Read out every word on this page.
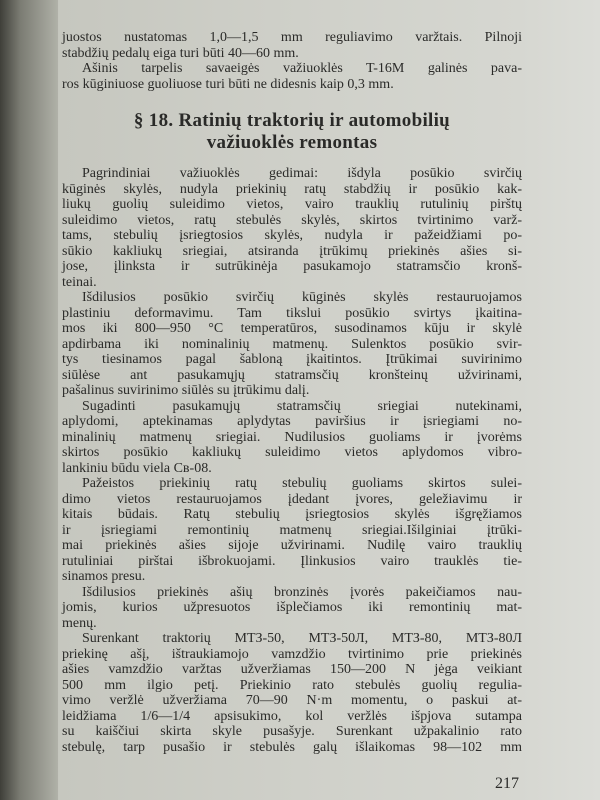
juostos nustatomas 1,0—1,5 mm reguliavimo varžtais. Pilnoji
stabdžių pedalų eiga turi būti 40—60 mm.
Ašinis tarpelis savaeigės važiuoklės T-16M galinės pava-
ros kūginiuose guoliuose turi būti ne didesnis kaip 0,3 mm.
§ 18. Ratinių traktorių ir automobilių
važiuoklės remontas
Pagrindiniai važiuoklės gedimai: išdyla posūkio svirčių
kūginės skylės, nudyla priekinių ratų stabdžių ir posūkio kak-
liukų guolių suleidimo vietos, vairo trauklių rutulinių pirštų
suleidimo vietos, ratų stebulės skylės, skirtos tvirtinimo varž-
tams, stebulių įsriegtosios skylės, nudyla ir pažeidžiami po-
sūkio kakliukų sriegiai, atsiranda įtrūkimų priekinės ašies si-
jose, įlinksta ir sutrūkinėja pasukamojo statramsčio kronš-
teinai.
Išdilusios posūkio svirčių kūginės skylės restauruojamos
plastiniu deformavimu. Tam tikslui posūkio svirtys įkaitina-
mos iki 800—950 °C temperatūros, susodinamos kūju ir skylė
apdirbama iki nominalinių matmenų. Sulenktos posūkio svir-
tys tiesinamos pagal šabloną įkaitintos. Įtrūkimai suvirinimo
siūlėse ant pasukamųjų statramsčių kronšteinų užvirinami,
pašalinus suvirinimo siūlės su įtrūkimu dalį.
Sugadinti pasukamųjų statramsčių sriegiai nutekinami,
aplydomi, aptekinamas aplydytas paviršius ir įsriegiami no-
minalinių matmenų sriegiai. Nudilusios guoliams ir įvorėms
skirtos posūkio kakliukų suleidimo vietos aplydomos vibro-
lankiniu būdu viela Св-08.
Pažeistos priekinių ratų stebulių guoliams skirtos sulei-
dimo vietos restauruojamos įdedant įvores, geležiavimu ir
kitais būdais. Ratų stebulių įsriegtosios skylės išgręžiamos
ir įsriegiami remontinių matmenų sriegiai.Išilginiai įtrūki-
mai priekinės ašies sijoje užvirinami. Nudilę vairo trauklių
rutuliniai pirštai išbrokuojami. Įlinkusios vairo trauklės tie-
sinamos presu.
Išdilusios priekinės ašių bronzinės įvorės pakeičiamos nau-
jomis, kurios užpresuotos išplečiamos iki remontinių mat-
menų.
Surenkant traktorių МТЗ-50, МТЗ-50Л, МТЗ-80, МТЗ-80Л
priekinę ašį, ištraukiamojo vamzdžio tvirtinimo prie priekinės
ašies vamzdžio varžtas užveržiamas 150—200 N jėga veikiant
500 mm ilgio petį. Priekinio rato stebulės guolių regulia-
vimo veržlė užveržiama 70—90 N·m momentu, o paskui at-
leidžiama 1/6—1/4 apsisukimo, kol veržlės išpjova sutampa
su kaiščiui skirta skyle pusašyje. Surenkant užpakalinio rato
stebulę, tarp pusašio ir stebulės galų išlaikomas 98—102 mm
217
